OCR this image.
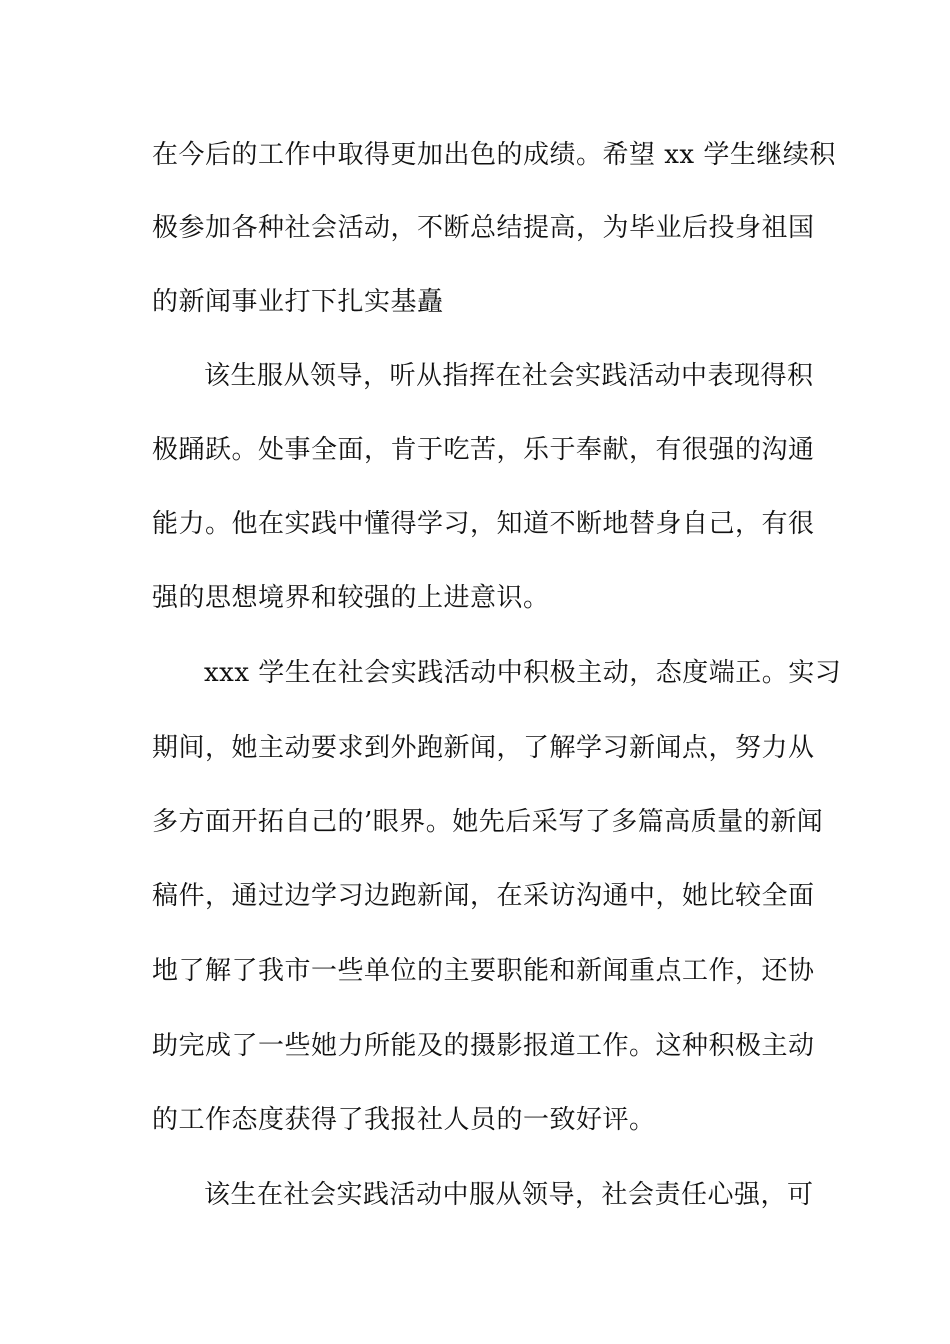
在今后的工作中取得更加出色的成绩。希望 xx 学生继续积
极参加各种社会活动，不断总结提高，为毕业后投身祖国
的新闻事业打下扎实基矗
该生服从领导，听从指挥在社会实践活动中表现得积
极踊跃。处事全面，肯于吃苦，乐于奉献，有很强的沟通
能力。他在实践中懂得学习，知道不断地替身自己，有很
强的思想境界和较强的上进意识。
xxx 学生在社会实践活动中积极主动，态度端正。实习
期间，她主动要求到外跑新闻，了解学习新闻点，努力从
多方面开拓自己的’眼界。她先后采写了多篇高质量的新闻
稿件，通过边学习边跑新闻，在采访沟通中，她比较全面
地了解了我市一些单位的主要职能和新闻重点工作，还协
助完成了一些她力所能及的摄影报道工作。这种积极主动
的工作态度获得了我报社人员的一致好评。
该生在社会实践活动中服从领导，社会责任心强，可
